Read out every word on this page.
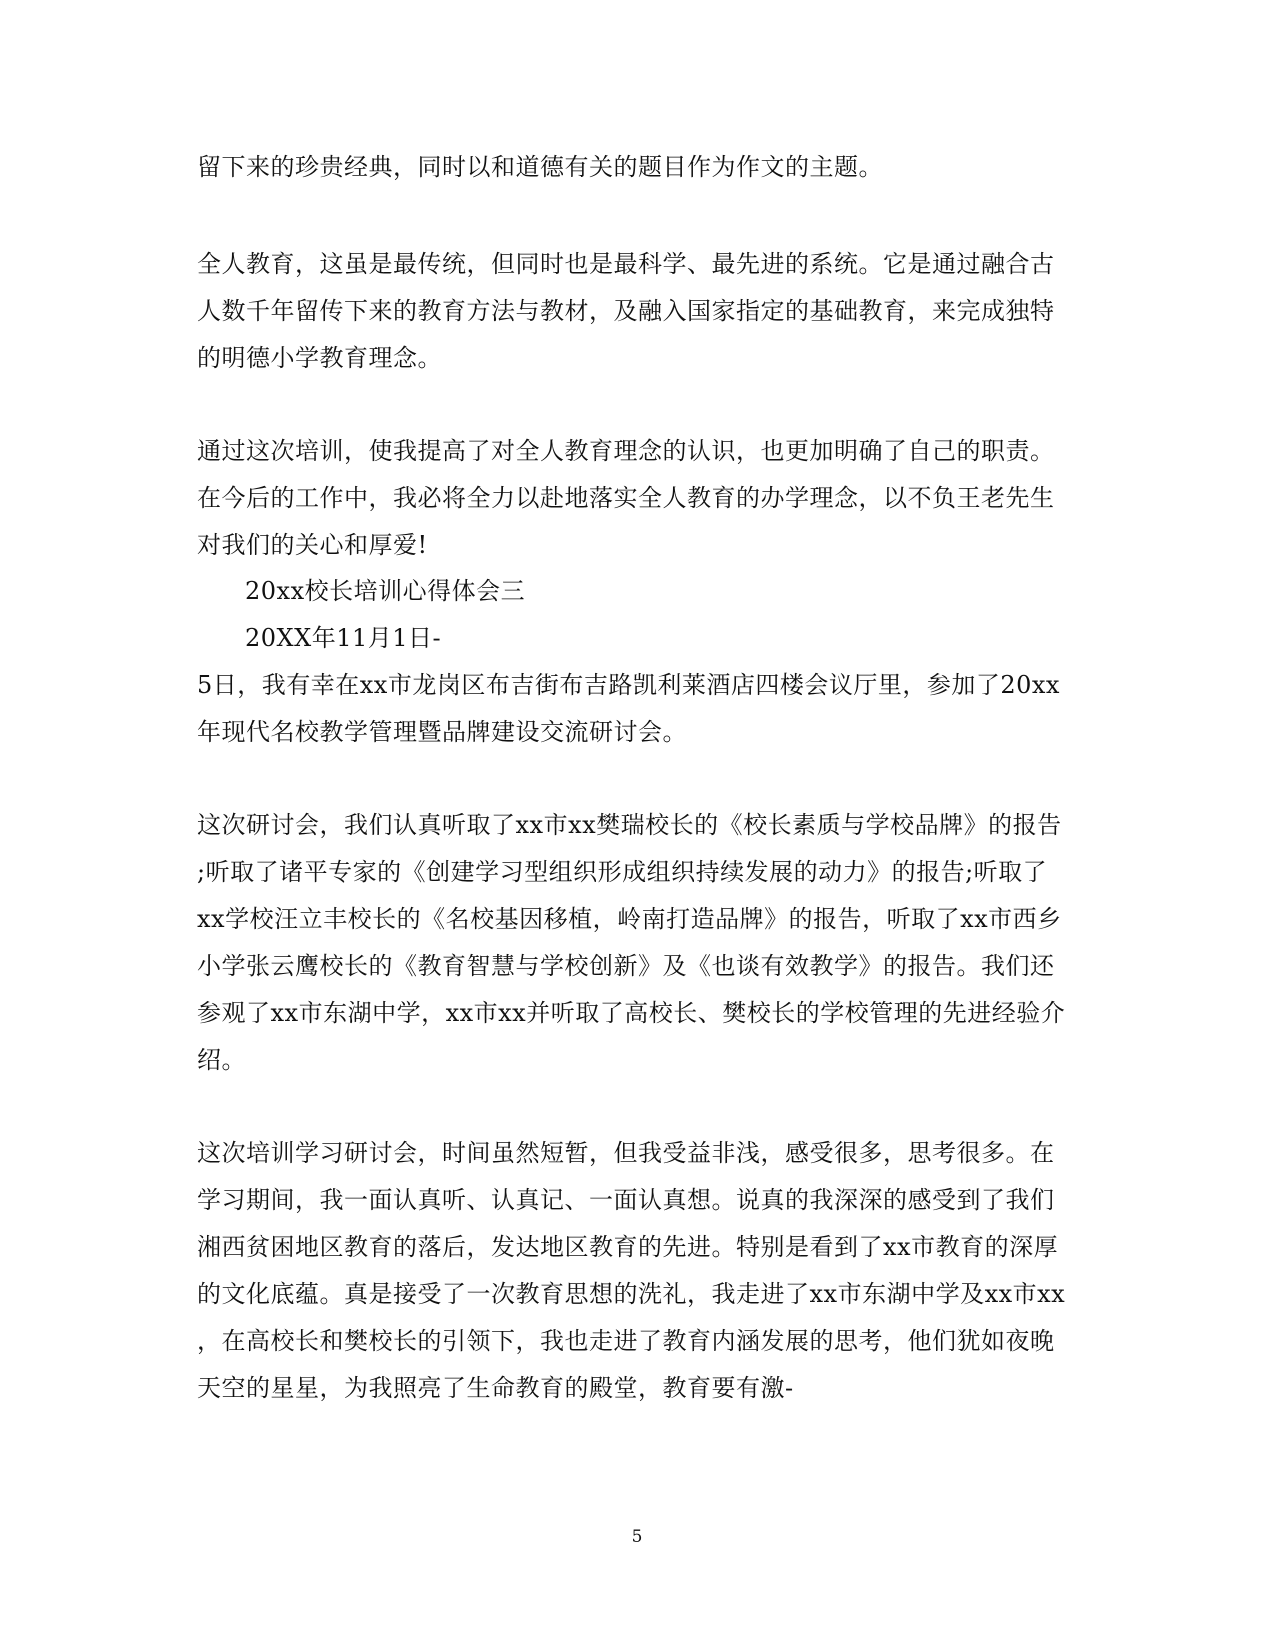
留下来的珍贵经典，同时以和道德有关的题目作为作文的主题。
全人教育，这虽是最传统，但同时也是最科学、最先进的系统。它是通过融合古
人数千年留传下来的教育方法与教材，及融入国家指定的基础教育，来完成独特
的明德小学教育理念。
通过这次培训，使我提高了对全人教育理念的认识，也更加明确了自己的职责。
在今后的工作中，我必将全力以赴地落实全人教育的办学理念，以不负王老先生
对我们的关心和厚爱!
20xx校长培训心得体会三
20XX年11月1日-
5日，我有幸在xx市龙岗区布吉街布吉路凯利莱酒店四楼会议厅里，参加了20xx
年现代名校教学管理暨品牌建设交流研讨会。
这次研讨会，我们认真听取了xx市xx樊瑞校长的《校长素质与学校品牌》的报告
;听取了诸平专家的《创建学习型组织形成组织持续发展的动力》的报告;听取了
xx学校汪立丰校长的《名校基因移植，岭南打造品牌》的报告，听取了xx市西乡
小学张云鹰校长的《教育智慧与学校创新》及《也谈有效教学》的报告。我们还
参观了xx市东湖中学，xx市xx并听取了高校长、樊校长的学校管理的先进经验介
绍。
这次培训学习研讨会，时间虽然短暂，但我受益非浅，感受很多，思考很多。在
学习期间，我一面认真听、认真记、一面认真想。说真的我深深的感受到了我们
湘西贫困地区教育的落后，发达地区教育的先进。特别是看到了xx市教育的深厚
的文化底蕴。真是接受了一次教育思想的洗礼，我走进了xx市东湖中学及xx市xx
，在高校长和樊校长的引领下，我也走进了教育内涵发展的思考，他们犹如夜晚
天空的星星，为我照亮了生命教育的殿堂，教育要有激-
5
